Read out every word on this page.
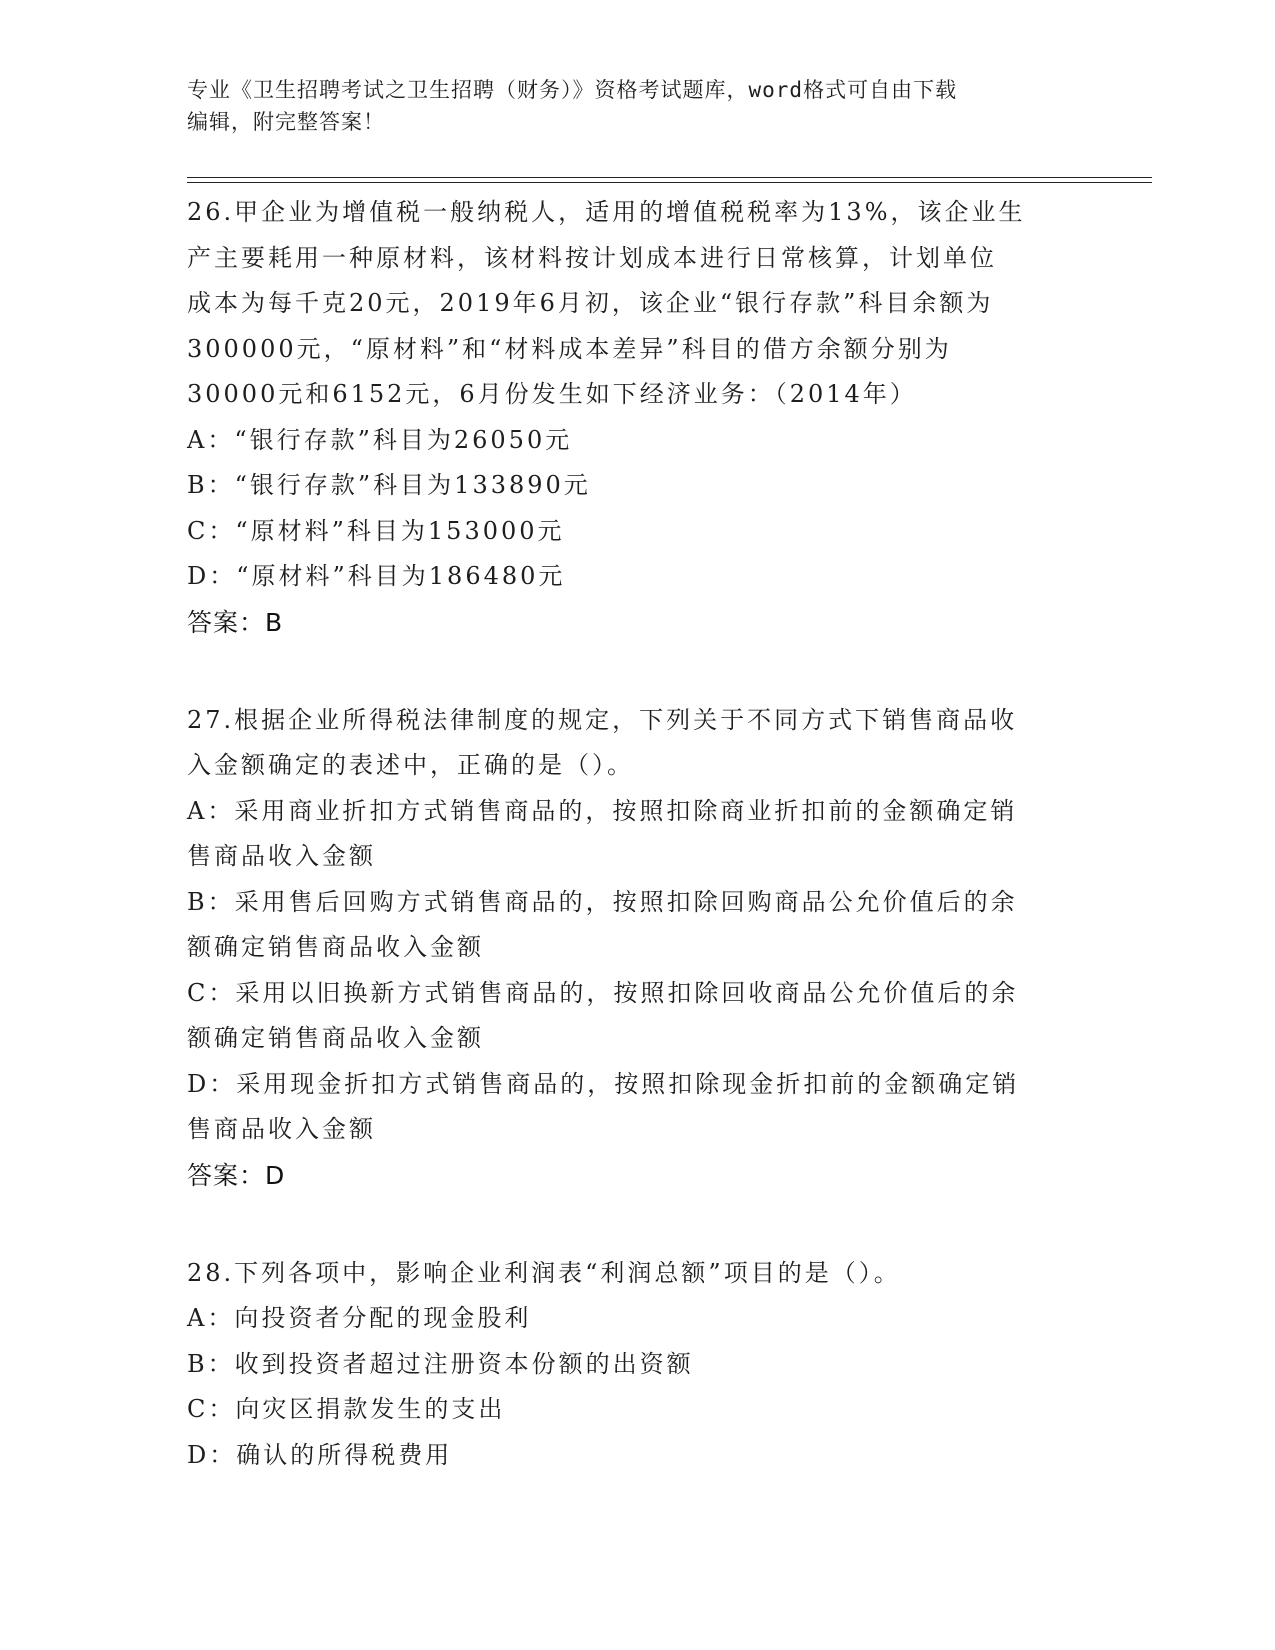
专业《卫生招聘考试之卫生招聘（财务）》资格考试题库，word格式可自由下载
编辑，附完整答案！

26.甲企业为增值税一般纳税人，适用的增值税税率为13%，该企业生

产主要耗用一种原材料，该材料按计划成本进行日常核算，计划单位

成本为每千克20元，2019年6月初，该企业“银行存款”科目余额为

300000元，“原材料”和“材料成本差异”科目的借方余额分别为

30000元和6152元，6月份发生如下经济业务：（2014年）

A：“银行存款”科目为26050元

B：“银行存款”科目为133890元

C：“原材料”科目为153000元

D：“原材料”科目为186480元

答案：B

27.根据企业所得税法律制度的规定，下列关于不同方式下销售商品收

入金额确定的表述中，正确的是（）。

A：采用商业折扣方式销售商品的，按照扣除商业折扣前的金额确定销

售商品收入金额

B：采用售后回购方式销售商品的，按照扣除回购商品公允价值后的余

额确定销售商品收入金额

C：采用以旧换新方式销售商品的，按照扣除回收商品公允价值后的余

额确定销售商品收入金额

D：采用现金折扣方式销售商品的，按照扣除现金折扣前的金额确定销

售商品收入金额

答案：D

28.下列各项中，影响企业利润表“利润总额”项目的是（）。

A：向投资者分配的现金股利

B：收到投资者超过注册资本份额的出资额

C：向灾区捐款发生的支出

D：确认的所得税费用
